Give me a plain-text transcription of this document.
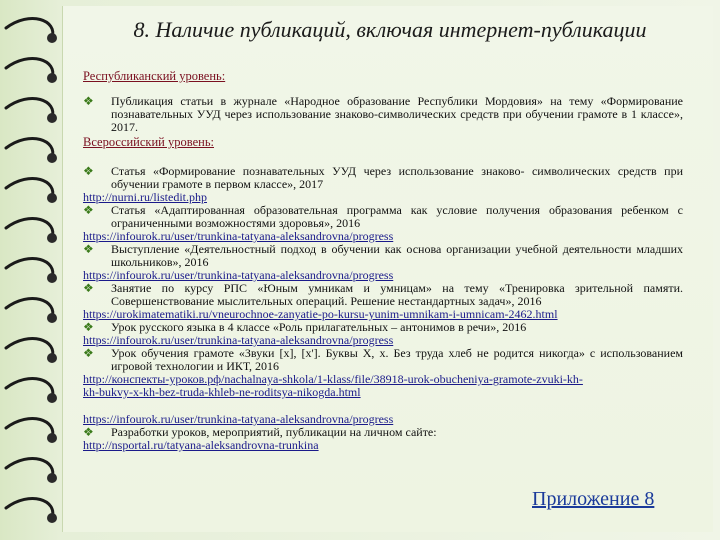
8. Наличие публикаций, включая интернет-публикации

Республиканский уровень:

❖ Публикация статьи в журнале «Народное образование Республики Мордовия» на тему «Формирование познавательных УУД через использование знаково-символических средств при обучении грамоте в 1 классе», 2017.

Всероссийский уровень:

❖ Статья «Формирование познавательных УУД через использование знаково- символических средств при обучении грамоте в первом классе», 2017

http://nurni.ru/listedit.php

❖ Статья «Адаптированная образовательная программа как условие получения образования ребенком с ограниченными возможностями здоровья», 2016

https://infourok.ru/user/trunkina-tatyana-aleksandrovna/progress

❖ Выступление «Деятельностный подход в обучении как основа организации учебной деятельности младших школьников», 2016

https://infourok.ru/user/trunkina-tatyana-aleksandrovna/progress

❖ Занятие по курсу РПС «Юным умникам и умницам» на тему «Тренировка зрительной памяти. Совершенствование мыслительных операций. Решение нестандартных задач», 2016

https://urokimatematiki.ru/vneurochnoe-zanyatie-po-kursu-yunim-umnikam-i-umnicam-2462.html

❖ Урок русского языка в 4 классе «Роль прилагательных – антонимов в речи», 2016

https://infourok.ru/user/trunkina-tatyana-aleksandrovna/progress

❖ Урок обучения грамоте «Звуки [х], [х']. Буквы Х, х. Без труда хлеб не родится никогда» с использованием игровой технологии и ИКТ, 2016

http://конспекты-уроков.рф/nachalnaya-shkola/1-klass/file/38918-urok-obucheniya-gramote-zvuki-kh-

kh-bukvy-x-kh-bez-truda-khleb-ne-roditsya-nikogda.html

https://infourok.ru/user/trunkina-tatyana-aleksandrovna/progress

❖ Разработки уроков, мероприятий, публикации на личном сайте:

http://nsportal.ru/tatyana-aleksandrovna-trunkina

Приложение 8
